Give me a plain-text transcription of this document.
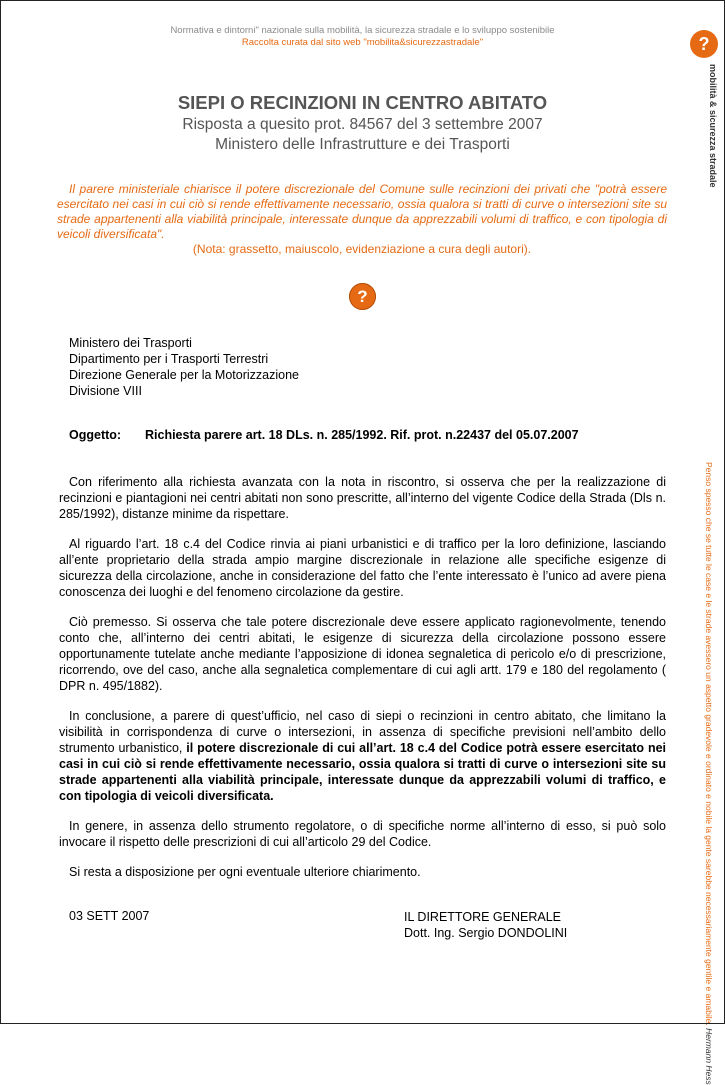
Normativa e dintorni" nazionale sulla mobilità, la sicurezza stradale e lo sviluppo sostenibile
Raccolta curata dal sito web "mobilita&sicurezzastradale"	?
mobilità & sicurezza stradale
SIEPI O RECINZIONI IN CENTRO ABITATO
Risposta a quesito prot. 84567 del 3 settembre 2007
Ministero delle Infrastrutture e dei Trasporti

Il parere ministeriale chiarisce il potere discrezionale del Comune sulle recinzioni dei privati che "potrà essere esercitato nei casi in cui ciò si rende effettivamente necessario, ossia qualora si tratti di curve o intersezioni site su strade appartenenti alla viabilità principale, interessate dunque da apprezzabili volumi di traffico, e con tipologia di veicoli diversificata".

(Nota: grassetto, maiuscolo, evidenziazione a cura degli autori).

?
Ministero dei Trasporti
Dipartimento per i Trasporti Terrestri
Direzione Generale per la Motorizzazione
Divisione VIII
Oggetto: Richiesta parere art. 18 DLs. n. 285/1992. Rif. prot. n.22437 del 05.07.2007

Con riferimento alla richiesta avanzata con la nota in riscontro, si osserva che per la realizzazione di recinzioni e piantagioni nei centri abitati non sono prescritte, all’interno del vigente Codice della Strada (Dls n. 285/1992), distanze minime da rispettare.

Al riguardo l’art. 18 c.4 del Codice rinvia ai piani urbanistici e di traffico per la loro definizione, lasciando all’ente proprietario della strada ampio margine discrezionale in relazione alle specifiche esigenze di sicurezza della circolazione, anche in considerazione del fatto che l’ente interessato è l’unico ad avere piena conoscenza dei luoghi e del fenomeno circolazione da gestire.

Ciò premesso. Si osserva che tale potere discrezionale deve essere applicato ragionevolmente, tenendo conto che, all’interno dei centri abitati, le esigenze di sicurezza della circolazione possono essere opportunamente tutelate anche mediante l’apposizione di idonea segnaletica di pericolo e/o di prescrizione, ricorrendo, ove del caso, anche alla segnaletica complementare di cui agli artt. 179 e 180 del regolamento ( DPR n. 495/1882).

In conclusione, a parere di quest’ufficio, nel caso di siepi o recinzioni in centro abitato, che limitano la visibilità in corrispondenza di curve o intersezioni, in assenza di specifiche previsioni nell’ambito dello strumento urbanistico, il potere discrezionale di cui all’art. 18 c.4 del Codice potrà essere esercitato nei casi in cui ciò si rende effettivamente necessario, ossia qualora si tratti di curve o intersezioni site su strade appartenenti alla viabilità principale, interessate dunque da apprezzabili volumi di traffico, e con tipologia di veicoli diversificata.

In genere, in assenza dello strumento regolatore, o di specifiche norme all’interno di esso, si può solo invocare il rispetto delle prescrizioni di cui all’articolo 29 del Codice.

Si resta a disposizione per ogni eventuale ulteriore chiarimento.

03 SETT 2007	IL DIRETTORE GENERALE
Dott. Ing. Sergio DONDOLINI	Penso spesso che se tutte le case e le strade avessero un aspetto gradevole e ordinato e nobile la gente sarebbe necessariamente gentile e amabile. Hermann Hess
